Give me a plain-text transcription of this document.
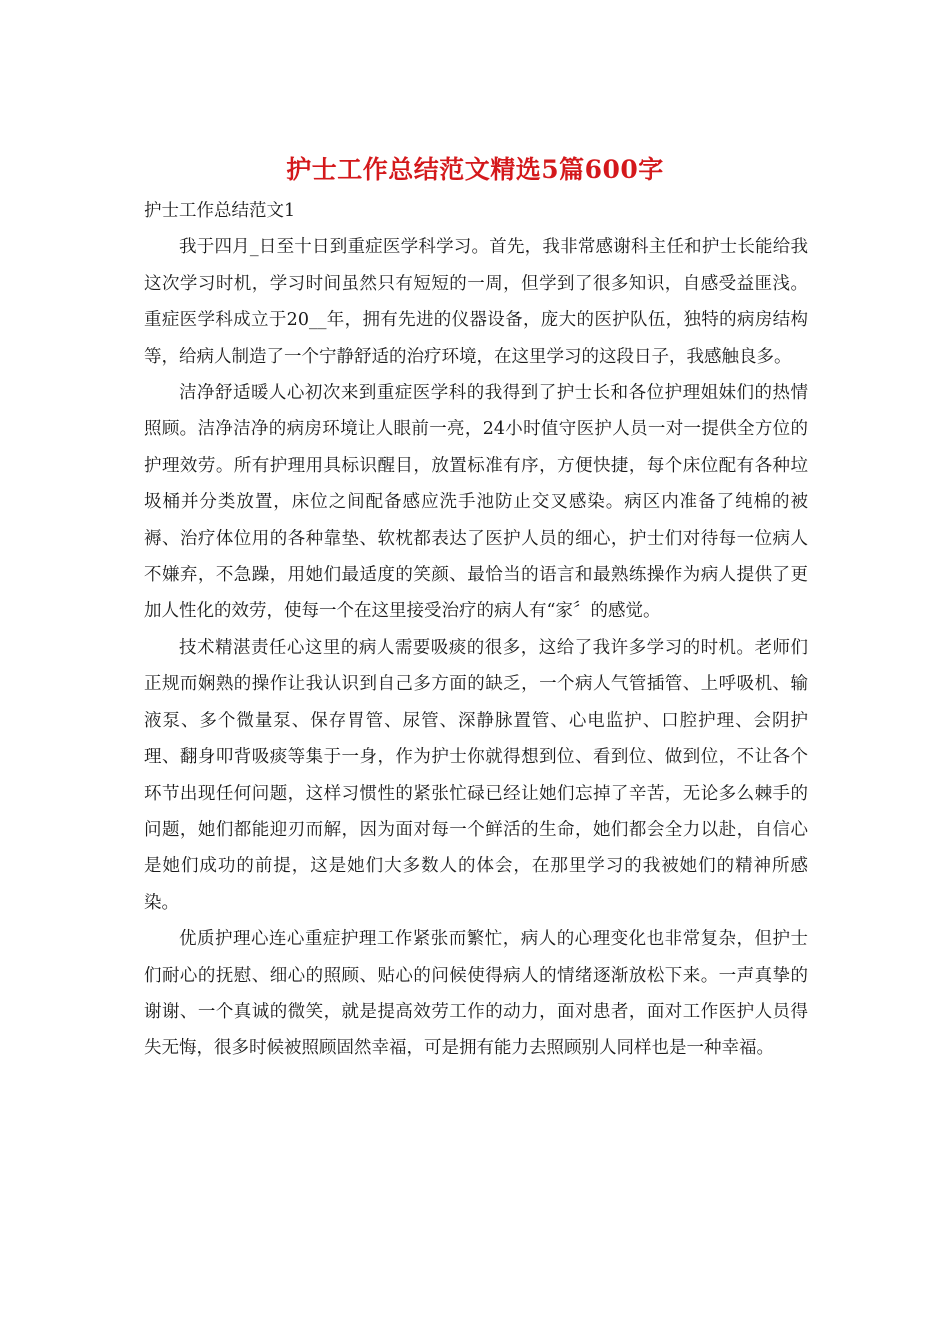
护士工作总结范文精选5篇600字

护士工作总结范文1

我于四月_日至十日到重症医学科学习。首先，我非常感谢科主任和护士长能给我这次学习时机，学习时间虽然只有短短的一周，但学到了很多知识，自感受益匪浅。重症医学科成立于20__年，拥有先进的仪器设备，庞大的医护队伍，独特的病房结构等，给病人制造了一个宁静舒适的治疗环境，在这里学习的这段日子，我感触良多。

洁净舒适暖人心初次来到重症医学科的我得到了护士长和各位护理姐妹们的热情照顾。洁净洁净的病房环境让人眼前一亮，24小时值守医护人员一对一提供全方位的护理效劳。所有护理用具标识醒目，放置标准有序，方便快捷，每个床位配有各种垃圾桶并分类放置，床位之间配备感应洗手池防止交叉感染。病区内准备了纯棉的被褥、治疗体位用的各种靠垫、软枕都表达了医护人员的细心，护士们对待每一位病人不嫌弃，不急躁，用她们最适度的笑颜、最恰当的语言和最熟练操作为病人提供了更加人性化的效劳，使每一个在这里接受治疗的病人有“家〞的感觉。

技术精湛责任心这里的病人需要吸痰的很多，这给了我许多学习的时机。老师们正规而娴熟的操作让我认识到自己多方面的缺乏，一个病人气管插管、上呼吸机、输液泵、多个微量泵、保存胃管、尿管、深静脉置管、心电监护、口腔护理、会阴护理、翻身叩背吸痰等集于一身，作为护士你就得想到位、看到位、做到位，不让各个环节出现任何问题，这样习惯性的紧张忙碌已经让她们忘掉了辛苦，无论多么棘手的问题，她们都能迎刃而解，因为面对每一个鲜活的生命，她们都会全力以赴，自信心是她们成功的前提，这是她们大多数人的体会，在那里学习的我被她们的精神所感染。

优质护理心连心重症护理工作紧张而繁忙，病人的心理变化也非常复杂，但护士们耐心的抚慰、细心的照顾、贴心的问候使得病人的情绪逐渐放松下来。一声真挚的谢谢、一个真诚的微笑，就是提高效劳工作的动力，面对患者，面对工作医护人员得失无悔，很多时候被照顾固然幸福，可是拥有能力去照顾别人同样也是一种幸福。
